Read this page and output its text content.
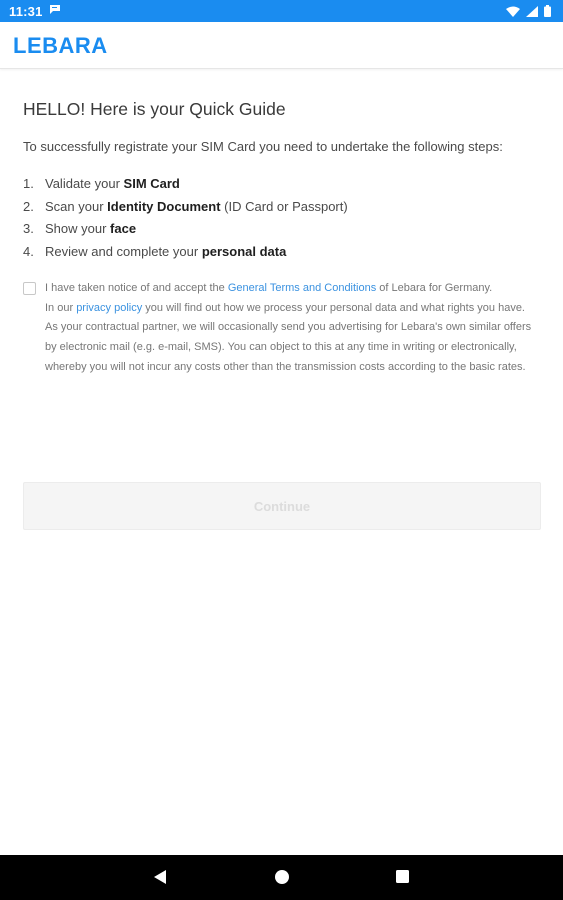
11:31
LEBARA
HELLO! Here is your Quick Guide

To successfully registrate your SIM Card you need to undertake the following steps:

1. Validate your SIM Card
2. Scan your Identity Document (ID Card or Passport)
3. Show your face
4. Review and complete your personal data
I have taken notice of and accept the General Terms and Conditions of Lebara for Germany.
In our privacy policy you will find out how we process your personal data and what rights you have.
As your contractual partner, we will occasionally send you advertising for Lebara's own similar offers by electronic mail (e.g. e-mail, SMS). You can object to this at any time in writing or electronically, whereby you will not incur any costs other than the transmission costs according to the basic rates.
Continue
